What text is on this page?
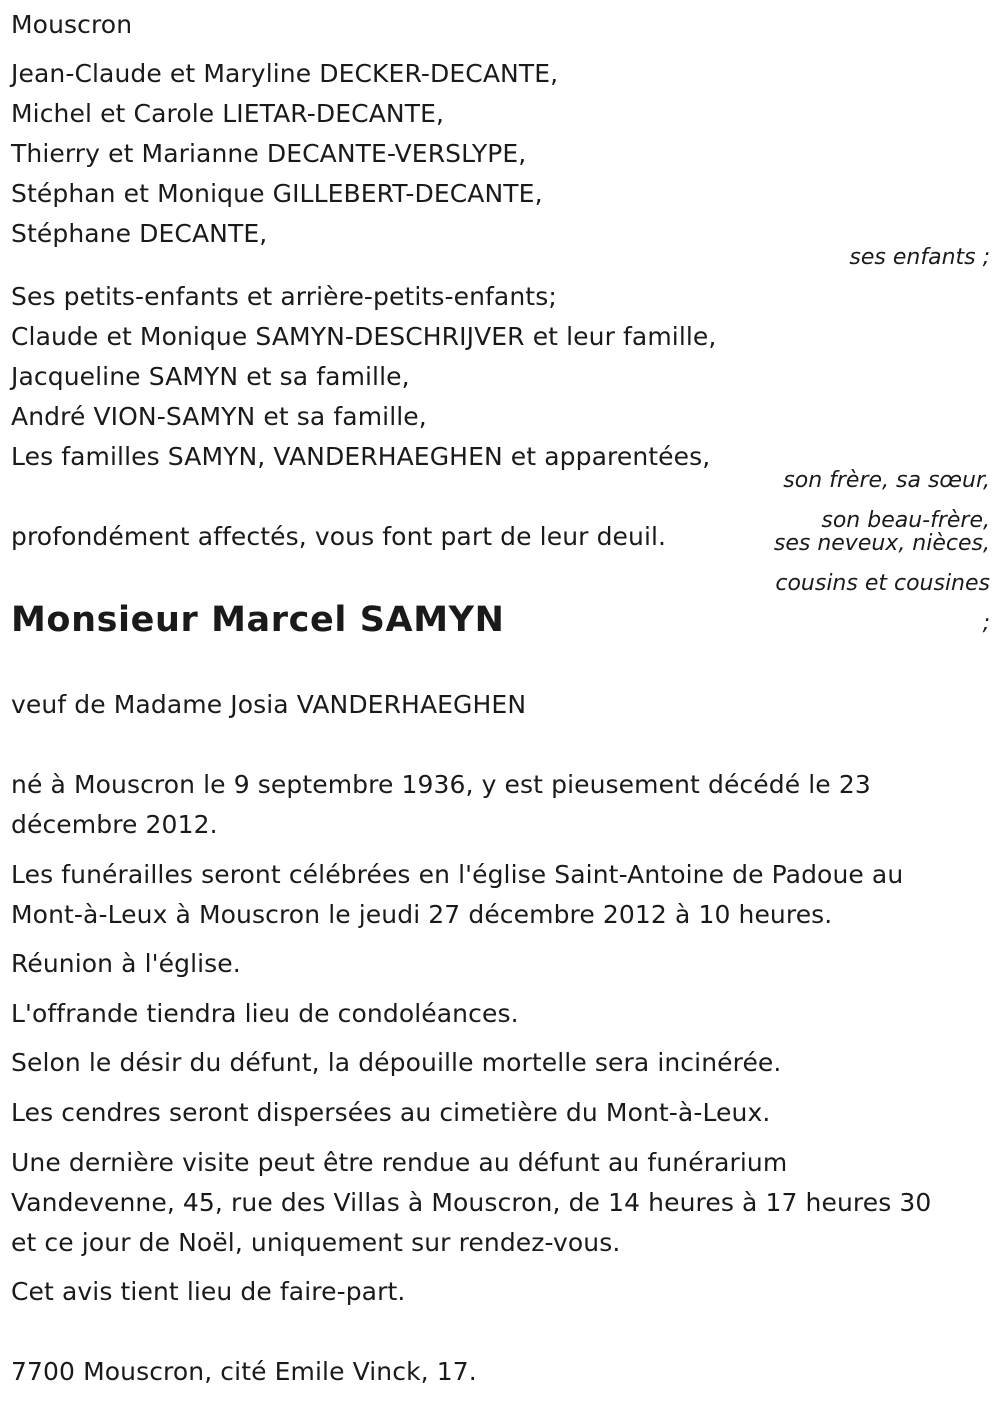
Mouscron
Jean-Claude et Maryline DECKER-DECANTE,
Michel et Carole LIETAR-DECANTE,
Thierry et Marianne DECANTE-VERSLYPE,
Stéphan et Monique GILLEBERT-DECANTE,
Stéphane DECANTE,
ses enfants ;
Ses petits-enfants et arrière-petits-enfants;
Claude et Monique SAMYN-DESCHRIJVER et leur famille,
Jacqueline SAMYN et sa famille,
André VION-SAMYN et sa famille,
Les familles SAMYN, VANDERHAEGHEN et apparentées,
son frère, sa sœur,
son beau-frère,
ses neveux, nièces,
cousins et cousines
;
profondément affectés, vous font part de leur deuil.
Monsieur Marcel SAMYN
veuf de Madame Josia VANDERHAEGHEN
né à Mouscron le 9 septembre 1936, y est pieusement décédé le 23
décembre 2012.
Les funérailles seront célébrées en l'église Saint-Antoine de Padoue au
Mont-à-Leux à Mouscron le jeudi 27 décembre 2012 à 10 heures.
Réunion à l'église.
L'offrande tiendra lieu de condoléances.
Selon le désir du défunt, la dépouille mortelle sera incinérée.
Les cendres seront dispersées au cimetière du Mont-à-Leux.
Une dernière visite peut être rendue au défunt au funérarium
Vandevenne, 45, rue des Villas à Mouscron, de 14 heures à 17 heures 30
et ce jour de Noël, uniquement sur rendez-vous.
Cet avis tient lieu de faire-part.
7700 Mouscron, cité Emile Vinck, 17.
